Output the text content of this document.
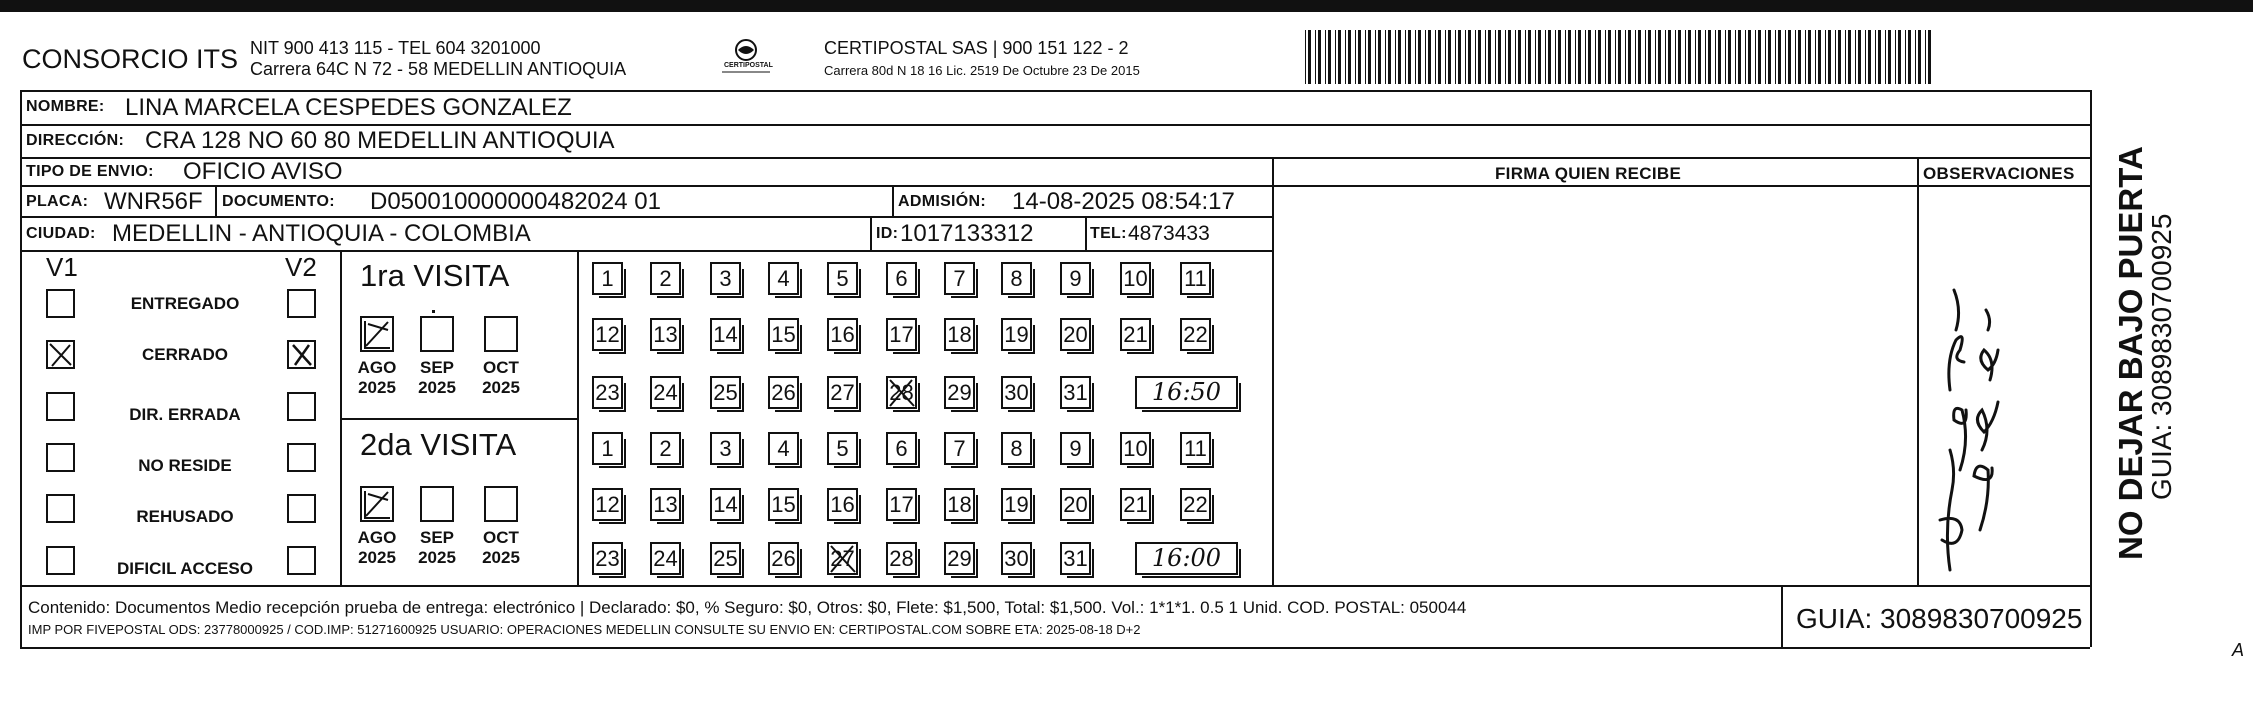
CONSORCIO ITS NIT 900 413 115 - TEL 604 3201000
Carrera 64C N 72 - 58 MEDELLIN ANTIOQUIA	CERTIPOSTAL
CERTIPOSTAL SAS | 900 151 122 - 2
Carrera 80d N 18 16 Lic. 2519 De Octubre 23 De 2015
NOMBRE: LINA MARCELA CESPEDES GONZALEZ
DIRECCIÓN: CRA 128 NO 60 80 MEDELLIN ANTIOQUIA
TIPO DE ENVIO: OFICIO AVISO
PLACA: WNR56F DOCUMENTO: D050010000000482024 01	ADMISIÓN: 14-08-2025 08:54:17
CIUDAD: MEDELLIN - ANTIOQUIA - COLOMBIA	ID: 1017133312	TEL: 4873433
FIRMA QUIEN RECIBE	OBSERVACIONES
V1	V2
ENTREGADO
CERRADO
DIR. ERRADA
NO RESIDE
REHUSADO
DIFICIL ACCESO
1ra VISITA
2da VISITA
AGO
2025
SEP
2025
OCT
2025
AGO
2025
SEP
2025
OCT
2025
1	2	3	4	5	6	7	8	9	10 11
12 13 14 15 16 17 18 19 20 21 22
23 24 25 26 27 28 29 30 31	16:50
1	2	3	4	5	6	7	8	9	10 11
12 13 14 15 16 17 18 19 20 21 22
23 24 25 26 27 28 29 30 31	16:00
Contenido: Documentos Medio recepción prueba de entrega: electrónico | Declarado: $0, % Seguro: $0, Otros: $0, Flete: $1,500, Total: $1,500. Vol.: 1*1*1. 0.5 1 Unid. COD. POSTAL: 050044
IMP POR FIVEPOSTAL ODS: 23778000925 / COD.IMP: 51271600925 USUARIO: OPERACIONES MEDELLIN CONSULTE SU ENVIO EN: CERTIPOSTAL.COM SOBRE ETA: 2025-08-18 D+2	GUIA: 3089830700925
NO DEJAR BAJO PUERTA
GUIA: 3089830700925
A
